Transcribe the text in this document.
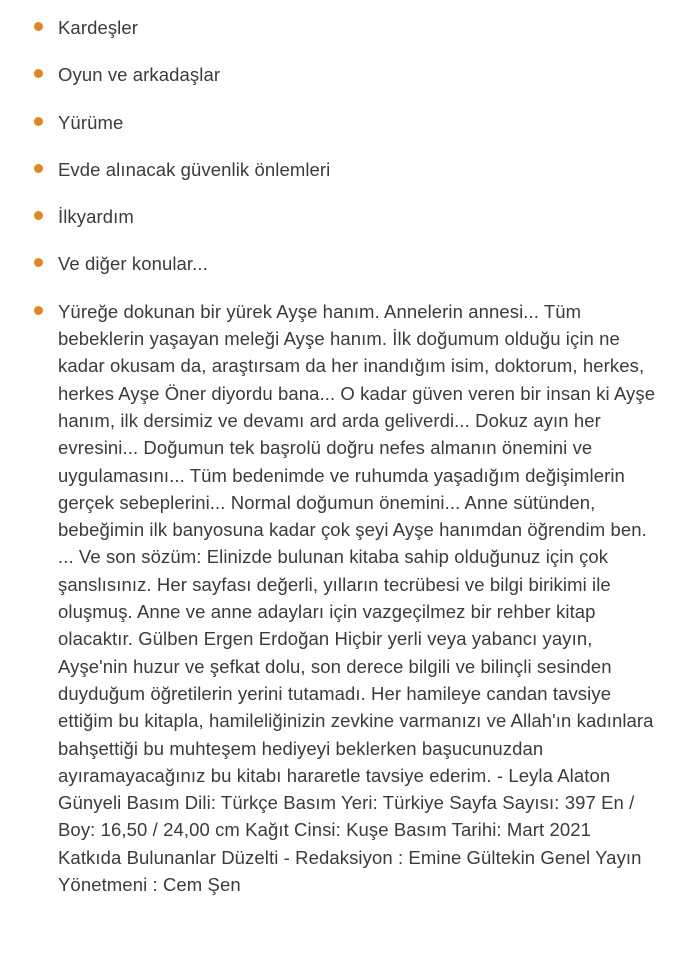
Kardeşler
Oyun ve arkadaşlar
Yürüme
Evde alınacak güvenlik önlemleri
İlkyardım
Ve diğer konular...
Yüreğe dokunan bir yürek Ayşe hanım. Annelerin annesi... Tüm bebeklerin yaşayan meleği Ayşe hanım. İlk doğumum olduğu için ne kadar okusam da, araştırsam da her inandığım isim, doktorum, herkes, herkes Ayşe Öner diyordu bana... O kadar güven veren bir insan ki Ayşe hanım, ilk dersimiz ve devamı ard arda geliverdi... Dokuz ayın her evresini... Doğumun tek başrolü doğru nefes almanın önemini ve uygulamasını... Tüm bedenimde ve ruhumda yaşadığım değişimlerin gerçek sebeplerini... Normal doğumun önemini... Anne sütünden, bebeğimin ilk banyosuna kadar çok şeyi Ayşe hanımdan öğrendim ben. ... Ve son sözüm: Elinizde bulunan kitaba sahip olduğunuz için çok şanslısınız. Her sayfası değerli, yılların tecrübesi ve bilgi birikimi ile oluşmuş. Anne ve anne adayları için vazgeçilmez bir rehber kitap olacaktır. Gülben Ergen Erdoğan Hiçbir yerli veya yabancı yayın, Ayşe'nin huzur ve şefkat dolu, son derece bilgili ve bilinçli sesinden duyduğum öğretilerin yerini tutamadı. Her hamileye candan tavsiye ettiğim bu kitapla, hamileliğinizin zevkine varmanızı ve Allah'ın kadınlara bahşettiği bu muhteşem hediyeyi beklerken başucunuzdan ayıramayacağınız bu kitabı hararetle tavsiye ederim. - Leyla Alaton Günyeli Basım Dili: Türkçe Basım Yeri: Türkiye Sayfa Sayısı: 397 En / Boy: 16,50 / 24,00 cm Kağıt Cinsi: Kuşe Basım Tarihi: Mart 2021 Katkıda Bulunanlar Düzelti - Redaksiyon : Emine Gültekin Genel Yayın Yönetmeni : Cem Şen
